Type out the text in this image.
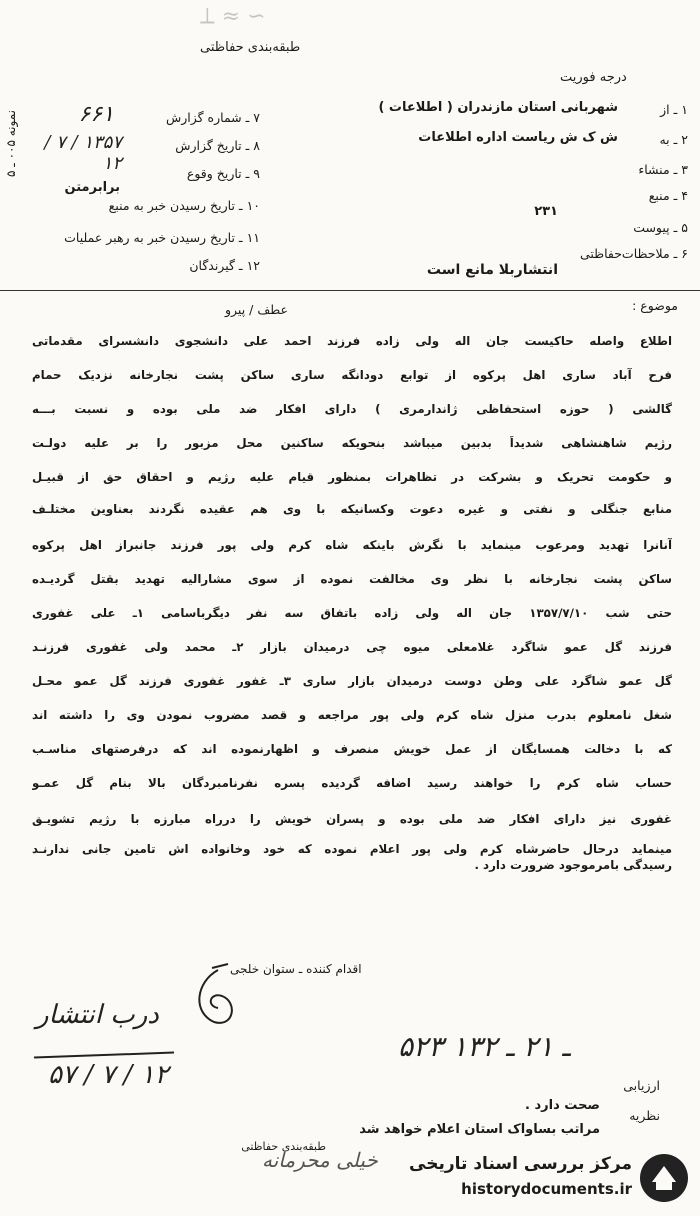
⟂ ≈ ∽
طبقه‌بندی حفاظتی
درجه فوریت
نمونه ۰۰۵ ـ ۵
۱ ـ از
شهربانی استان مازندران ( اطلاعات )
۲ ـ به
ش ک ش ریاست اداره اطلاعات
۳ ـ منشاء
۴ ـ منبع
۲۳۱
۵ ـ پیوست
۶ ـ ملاحظات‌حفاظتی
انتشاربلا مانع است
۷ ـ شماره گزارش
۶۶۱
۸ ـ تاریخ گزارش
۱۳۵۷ / ۷ / ۱۲	۹ ـ تاریخ وقوع
برابرمتن
۱۰ ـ تاریخ رسیدن خبر به منبع
۱۱ ـ تاریخ رسیدن خبر به رهبر عملیات
۱۲ ـ گیرندگان
موضوع :
عطف / پیرو
اطلاع واصله حاکیست جان اله ولی زاده فرزند احمد علی دانشجوی دانشسرای مقدماتی
فرح آباد ساری اهل پرکوه از توابع دودانگه ساری ساکن پشت نجارخانه نزدیک حمام
گالشی ( حوزه استحفاظی ژاندارمری ) دارای افکار ضد ملی بوده و نسبت بـــه
رژیم شاهنشاهی شدیداً بدبین میباشد بنحویکه ساکنین محل مزبور را بر علیه دولـت
و حکومت تحریک و بشرکت در تظاهرات بمنظور قیام علیه رژیم و احقاق حق از قبیـل
منابع جنگلی و نفتی و غیره دعوت وکسانیکه با وی هم عقیده نگردند بعناوین مختلـف
آنانرا تهدید ومرعوب مینماید با نگرش باینکه شاه کرم ولی پور فرزند جانبراز اهل پرکوه
ساکن پشت نجارخانه با نظر وی مخالفت نموده از سوی مشارالیه تهدید بقتل گردیـده
حتی شب ۱۳۵۷/۷/۱۰ جان اله ولی زاده باتفاق سه نفر دیگرباسامی ۱ـ علی غفوری
فرزند گل عمو شاگرد غلامعلی میوه چی درمیدان بازار ۲ـ محمد ولی غفوری فرزنـد
گل عمو شاگرد علی وطن دوست درمیدان بازار ساری ۳ـ غفور غفوری فرزند گل عمو محـل
شغل نامعلوم بدرب منزل شاه کرم ولی پور مراجعه و قصد مضروب نمودن وی را داشته اند
که با دخالت همسایگان از عمل خویش منصرف و اظهارنموده اند که درفرصتهای مناسـب
حساب شاه کرم را خواهند رسید اضافه گردیده پسره نفرنامبردگان بالا بنام گل عمـو
غفوری نیز دارای افکار ضد ملی بوده و پسران خویش را درراه مبارزه با رژیم تشویـق
مینماید درحال حاضرشاه کرم ولی پور اعلام نموده که خود وخانواده اش تامین جانی ندارنـد
رسیدگی بامرموجود ضرورت دارد .
اقدام کننده ـ ستوان خلجی
۵۲۳ ـ ۲۱ ـ ۱۳۲
درب انتشار
۵۷ / ۷ / ۱۲	ارزیابی
صحت دارد .
نظریه
مراتب بساواک استان اعلام خواهد شد
طبقه‌بندی حفاظتی
خیلی محرمانه مرکز بررسی اسناد تاریخی
historydocuments.ir
